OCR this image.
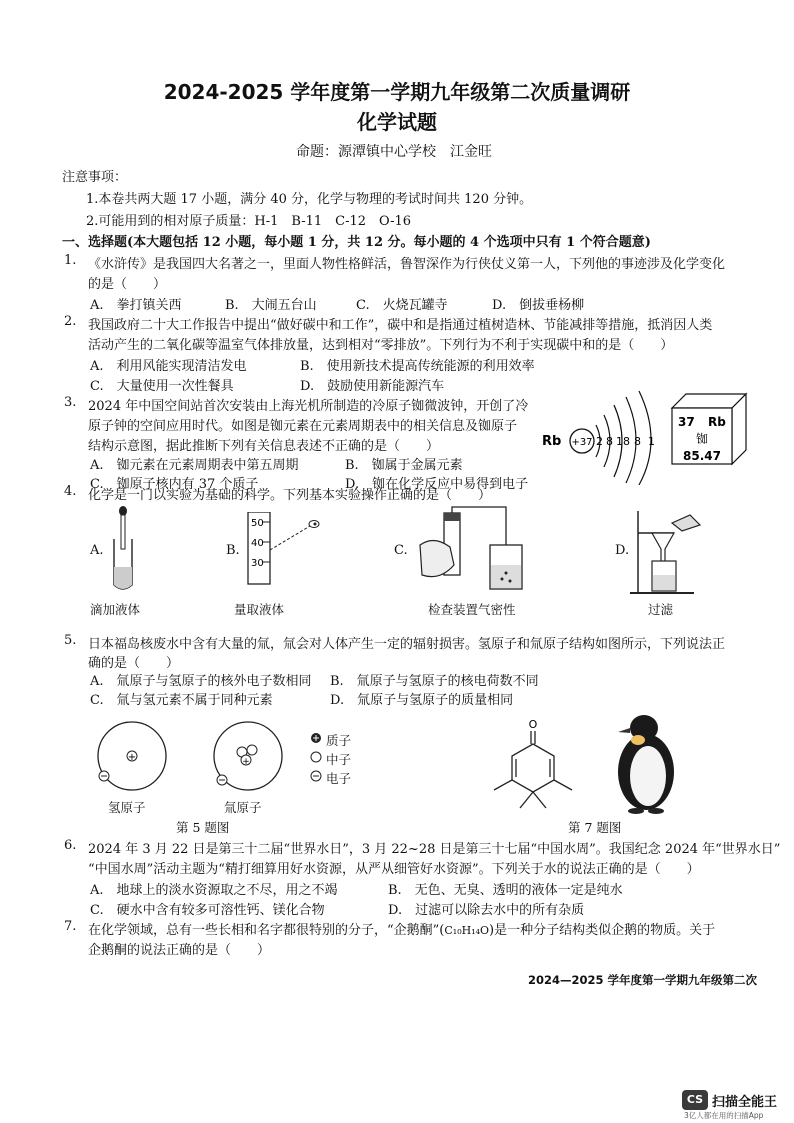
2024-2025 学年度第一学期九年级第二次质量调研
化学试题
命题：源潭镇中心学校　江金旺
注意事项：
1.本卷共两大题 17 小题，满分 40 分，化学与物理的考试时间共 120 分钟。
2.可能用到的相对原子质量：H-1　B-11　C-12　O-16
一、选择题(本大题包括 12 小题，每小题 1 分，共 12 分。每小题的 4 个选项中只有 1 个符合题意)
1. 《水浒传》是我国四大名著之一，里面人物性格鲜活，鲁智深作为行侠仗义第一人，下列他的事迹涉及化学变化
的是（　　）
A.　拳打镇关西	B.　大闹五台山	C.　火烧瓦罐寺	D.　倒拔垂杨柳
2. 我国政府二十大工作报告中提出“做好碳中和工作”，碳中和是指通过植树造林、节能减排等措施，抵消因人类
活动产生的二氧化碳等温室气体排放量，达到相对“零排放”。下列行为不利于实现碳中和的是（　　）
A.　利用风能实现清洁发电	B.　使用新技术提高传统能源的利用效率
C.　大量使用一次性餐具	D.　鼓励使用新能源汽车
3. 2024 年中国空间站首次安装由上海光机所制造的冷原子铷微波钟，开创了冷
原子钟的空间应用时代。如图是铷元素在元素周期表中的相关信息及铷原子
结构示意图，据此推断下列有关信息表述不正确的是（　　）
A.　铷元素在元素周期表中第五周期	B.　铷属于金属元素
C.　铷原子核内有 37 个质子	D.　铷在化学反应中易得到电子
Rb +37 2 8 18 8 1
37 Rb
铷
85.47
4. 化学是一门以实验为基础的科学。下列基本实验操作正确的是（　　）
A.
滴加液体
B.
50
40
30
量取液体
C.
检查装置气密性
D.
过滤
5. 日本福岛核废水中含有大量的氚，氚会对人体产生一定的辐射损害。氢原子和氚原子结构如图所示，下列说法正
确的是（　　）
A.　氚原子与氢原子的核外电子数相同 B.　氚原子与氢原子的核电荷数不同
C.　氚与氢元素不属于同种元素	D.　氚原子与氢原子的质量相同
+
氢原子
+
氚原子
质子
中子
电子
第 5 题图
O
第 7 题图
6. 2024 年 3 月 22 日是第三十二届“世界水日”，3 月 22~28 日是第三十七届“中国水周”。我国纪念 2024 年“世界水日”
“中国水周”活动主题为“精打细算用好水资源，从严从细管好水资源”。下列关于水的说法正确的是（　　）
A.　地球上的淡水资源取之不尽，用之不竭	B.　无色、无臭、透明的液体一定是纯水
C.　硬水中含有较多可溶性钙、镁化合物	D.　过滤可以除去水中的所有杂质
7. 在化学领域，总有一些长相和名字都很特别的分子，“企鹅酮”(C₁₀H₁₄O)是一种分子结构类似企鹅的物质。关于
企鹅酮的说法正确的是（　　）
2024—2025 学年度第一学期九年级第二次
CS 扫描全能王
3亿人都在用的扫描App
